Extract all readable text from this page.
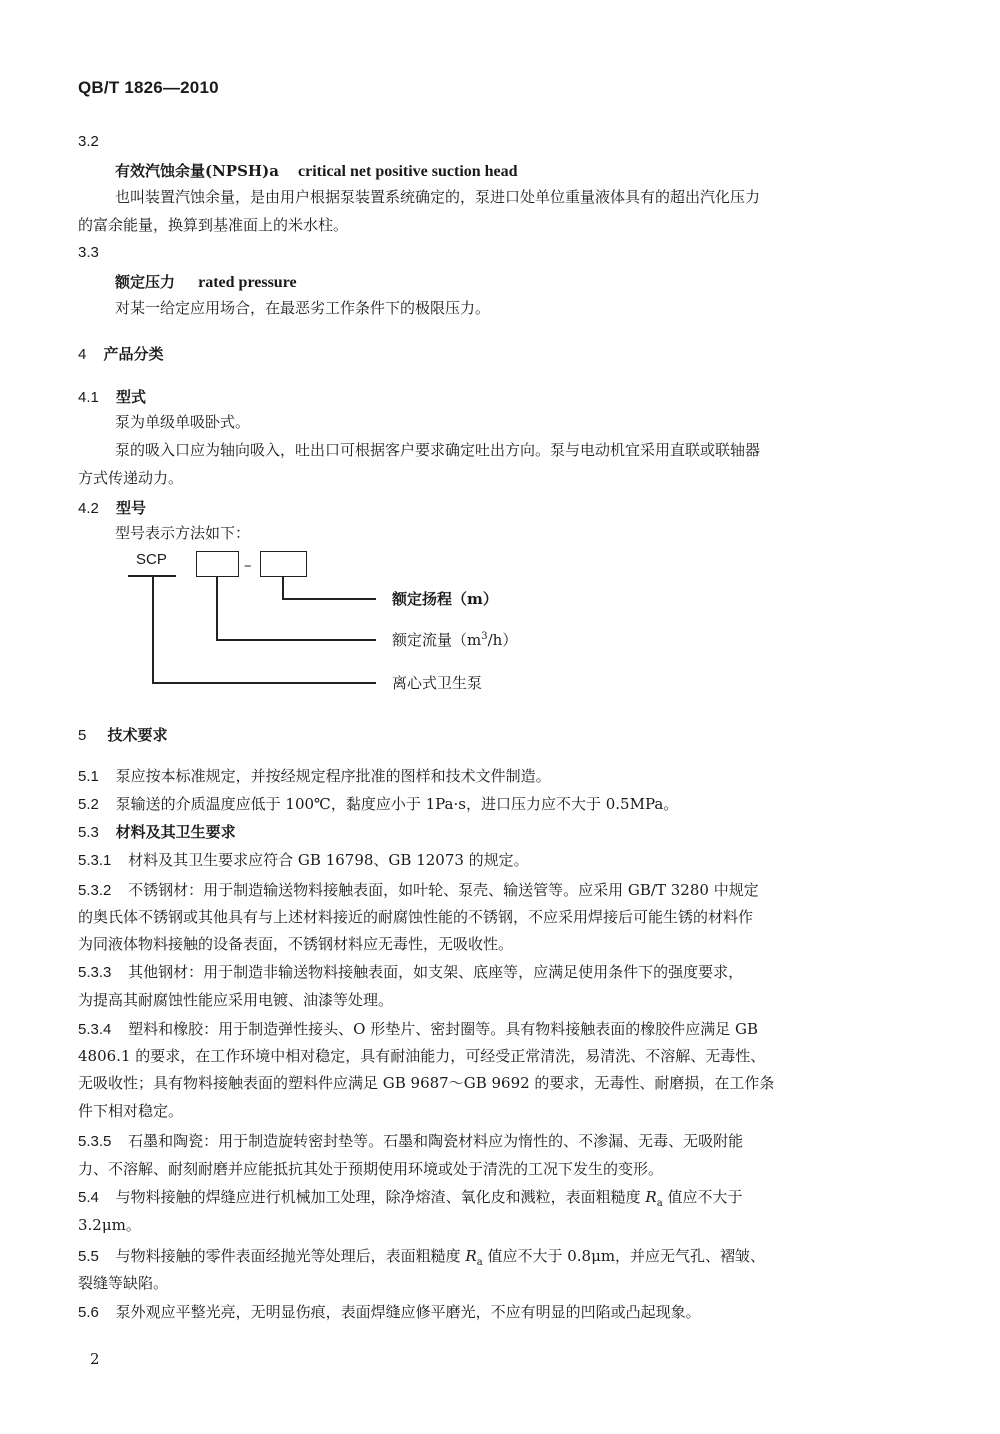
QB/T 1826—2010
3.2
有效汽蚀余量(NPSH)a critical net positive suction head
也叫装置汽蚀余量，是由用户根据泵装置系统确定的，泵进口处单位重量液体具有的超出汽化压力
的富余能量，换算到基准面上的米水柱。
3.3
额定压力 rated pressure
对某一给定应用场合，在最恶劣工作条件下的极限压力。
4 产品分类
4.1 型式
泵为单级单吸卧式。
泵的吸入口应为轴向吸入，吐出口可根据客户要求确定吐出方向。泵与电动机宜采用直联或联轴器
方式传递动力。
4.2 型号
型号表示方法如下：
SCP	–
额定扬程（m）
额定流量$(m^3/h)$
离心式卫生泵
5 技术要求
5.1 泵应按本标准规定，并按经规定程序批准的图样和技术文件制造。
5.2 泵输送的介质温度应低于 100℃，黏度应小于 1Pa·s，进口压力应不大于 0.5MPa。
5.3 材料及其卫生要求
5.3.1 材料及其卫生要求应符合 GB 16798、GB 12073 的规定。
5.3.2 不锈钢材：用于制造输送物料接触表面，如叶轮、泵壳、输送管等。应采用 GB/T 3280 中规定
的奥氏体不锈钢或其他具有与上述材料接近的耐腐蚀性能的不锈钢，不应采用焊接后可能生锈的材料作
为同液体物料接触的设备表面，不锈钢材料应无毒性，无吸收性。
5.3.3 其他钢材：用于制造非输送物料接触表面，如支架、底座等，应满足使用条件下的强度要求，
为提高其耐腐蚀性能应采用电镀、油漆等处理。
5.3.4 塑料和橡胶：用于制造弹性接头、O 形垫片、密封圈等。具有物料接触表面的橡胶件应满足 GB
4806.1 的要求，在工作环境中相对稳定，具有耐油能力，可经受正常清洗，易清洗、不溶解、无毒性、
无吸收性；具有物料接触表面的塑料件应满足 GB 9687～GB 9692 的要求，无毒性、耐磨损，在工作条
件下相对稳定。
5.3.5 石墨和陶瓷：用于制造旋转密封垫等。石墨和陶瓷材料应为惰性的、不渗漏、无毒、无吸附能
力、不溶解、耐刻耐磨并应能抵抗其处于预期使用环境或处于清洗的工况下发生的变形。
5.4 与物料接触的焊缝应进行机械加工处理，除净熔渣、氧化皮和溅粒，表面粗糙度 $R_a$ 值应不大于
3.2μm。
5.5 与物料接触的零件表面经抛光等处理后，表面粗糙度 $R_a$ 值应不大于 0.8μm，并应无气孔、褶皱、
裂缝等缺陷。
5.6 泵外观应平整光亮，无明显伤痕，表面焊缝应修平磨光，不应有明显的凹陷或凸起现象。
2
